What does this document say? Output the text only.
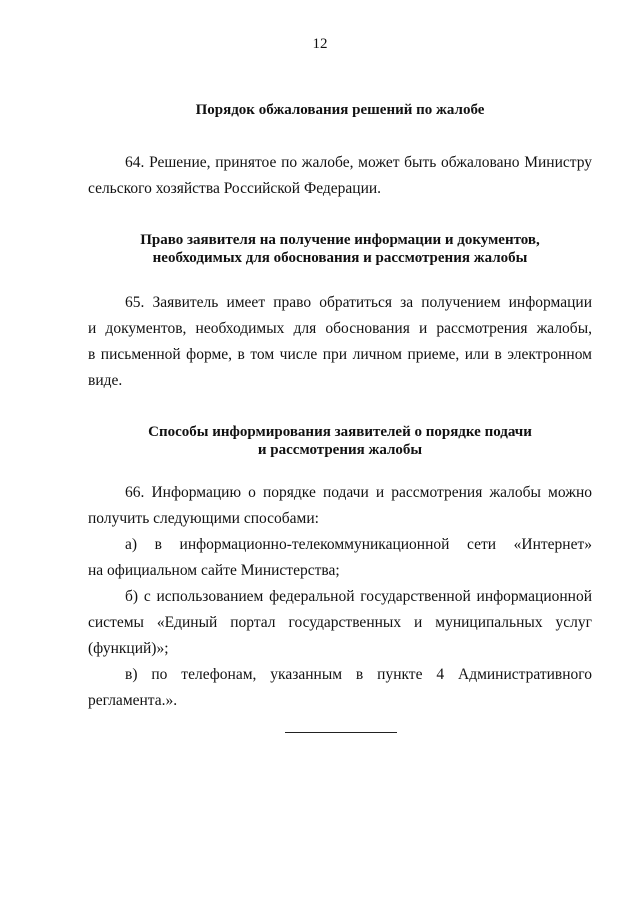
12
Порядок обжалования решений по жалобе

64. Решение, принятое по жалобе, может быть обжаловано Министру
сельского хозяйства Российской Федерации.

Право заявителя на получение информации и документов,
необходимых для обоснования и рассмотрения жалобы

65. Заявитель имеет право обратиться за получением информации
и документов, необходимых для обоснования и рассмотрения жалобы,
в письменной форме, в том числе при личном приеме, или в электронном
виде.

Способы информирования заявителей о порядке подачи
и рассмотрения жалобы

66. Информацию о порядке подачи и рассмотрения жалобы можно
получить следующими способами:
а) в информационно-телекоммуникационной сети «Интернет»
на официальном сайте Министерства;
б) с использованием федеральной государственной информационной
системы «Единый портал государственных и муниципальных услуг
(функций)»;
в) по телефонам, указанным в пункте 4 Административного
регламента.».
